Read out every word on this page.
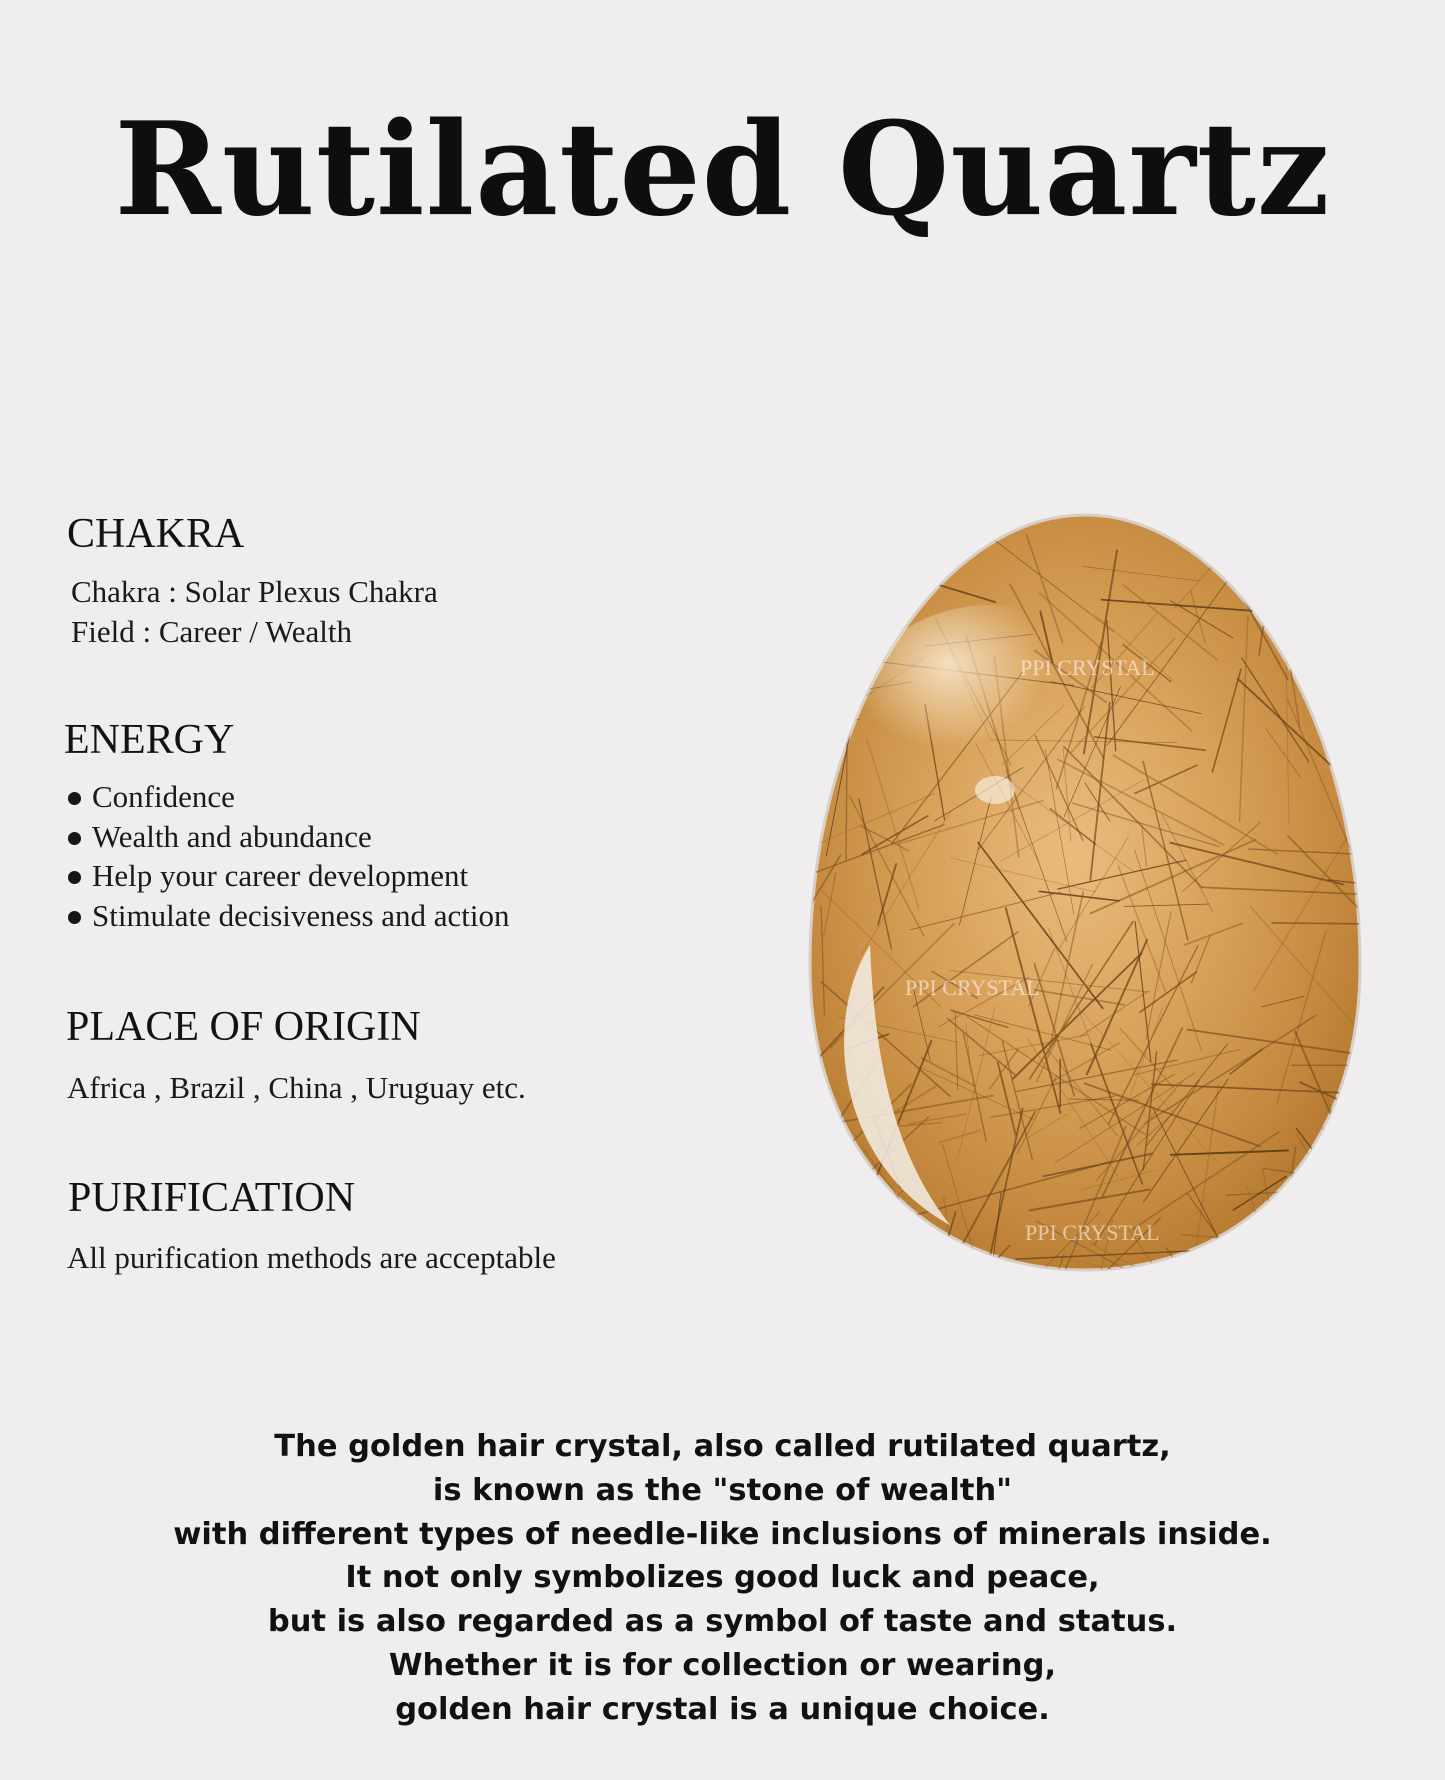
Rutilated Quartz
CHAKRA

Chakra : Solar Plexus Chakra

Field : Career / Wealth

ENERGY
Confidence
Wealth and abundance
Help your career development
Stimulate decisiveness and action
PLACE OF ORIGIN

Africa , Brazil , China , Uruguay etc.

PURIFICATION

All purification methods are acceptable

PPI CRYSTAL
PPI CRYSTAL
PPI CRYSTAL
The golden hair crystal, also called rutilated quartz,
is known as the "stone of wealth"
with different types of needle-like inclusions of minerals inside.
It not only symbolizes good luck and peace,
but is also regarded as a symbol of taste and status.
Whether it is for collection or wearing,
golden hair crystal is a unique choice.
